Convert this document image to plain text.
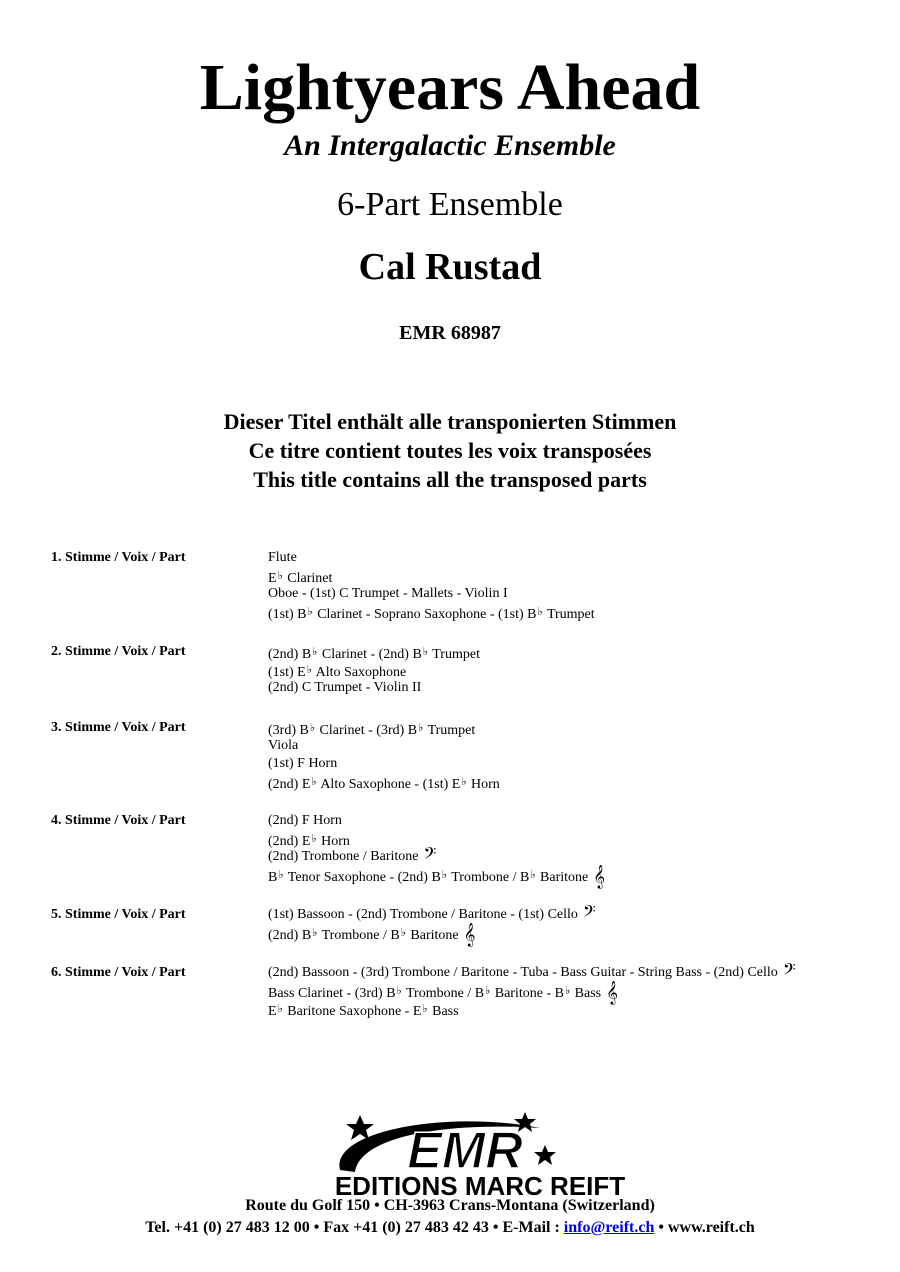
Lightyears Ahead
An Intergalactic Ensemble
6-Part Ensemble
Cal Rustad
EMR 68987
Dieser Titel enthält alle transponierten Stimmen
Ce titre contient toutes les voix transposées
This title contains all the transposed parts
1. Stimme / Voix / Part	Flute
E♭ Clarinet
Oboe - (1st) C Trumpet - Mallets - Violin I
(1st) B♭ Clarinet - Soprano Saxophone - (1st) B♭ Trumpet
2. Stimme / Voix / Part	(2nd) B♭ Clarinet - (2nd) B♭ Trumpet
(1st) E♭ Alto Saxophone
(2nd) C Trumpet - Violin II
3. Stimme / Voix / Part	(3rd) B♭ Clarinet - (3rd) B♭ Trumpet
Viola
(1st) F Horn
(2nd) E♭ Alto Saxophone - (1st) E♭ Horn
4. Stimme / Voix / Part	(2nd) F Horn
(2nd) E♭ Horn
(2nd) Trombone / Baritone 𝄢
B♭ Tenor Saxophone - (2nd) B♭ Trombone / B♭ Baritone 𝄞
5. Stimme / Voix / Part	(1st) Bassoon - (2nd) Trombone / Baritone - (1st) Cello 𝄢
(2nd) B♭ Trombone / B♭ Baritone 𝄞
6. Stimme / Voix / Part	(2nd) Bassoon - (3rd) Trombone / Baritone - Tuba - Bass Guitar - String Bass - (2nd) Cello 𝄢
Bass Clarinet - (3rd) B♭ Trombone / B♭ Baritone - B♭ Bass 𝄞
E♭ Baritone Saxophone - E♭ Bass
EMR
EDITIONS MARC REIFT
Route du Golf 150 • CH-3963 Crans-Montana (Switzerland)
Tel. +41 (0) 27 483 12 00 • Fax +41 (0) 27 483 42 43 • E-Mail : info@reift.ch • www.reift.ch
